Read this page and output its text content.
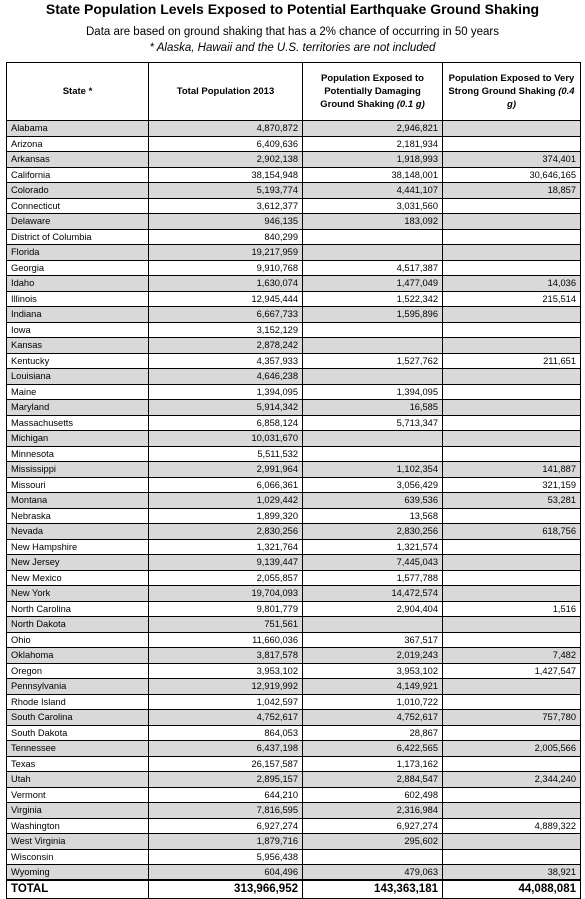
State Population Levels Exposed to Potential Earthquake Ground Shaking
Data are based on ground shaking that has a 2% chance of occurring in 50 years
* Alaska, Hawaii and the U.S. territories are not included
State *	Total Population 2013	Population Exposed to Potentially Damaging Ground Shaking (0.1 g)	Population Exposed to Very Strong Ground Shaking (0.4 g)
Alabama	4,870,872	2,946,821	
Arizona	6,409,636	2,181,934	
Arkansas	2,902,138	1,918,993	374,401
California	38,154,948	38,148,001	30,646,165
Colorado	5,193,774	4,441,107	18,857
Connecticut	3,612,377	3,031,560	
Delaware	946,135	183,092	
District of Columbia	840,299		
Florida	19,217,959		
Georgia	9,910,768	4,517,387	
Idaho	1,630,074	1,477,049	14,036
Illinois	12,945,444	1,522,342	215,514
Indiana	6,667,733	1,595,896	
Iowa	3,152,129		
Kansas	2,878,242		
Kentucky	4,357,933	1,527,762	211,651
Louisiana	4,646,238		
Maine	1,394,095	1,394,095	
Maryland	5,914,342	16,585	
Massachusetts	6,858,124	5,713,347	
Michigan	10,031,670		
Minnesota	5,511,532		
Mississippi	2,991,964	1,102,354	141,887
Missouri	6,066,361	3,056,429	321,159
Montana	1,029,442	639,536	53,281
Nebraska	1,899,320	13,568	
Nevada	2,830,256	2,830,256	618,756
New Hampshire	1,321,764	1,321,574	
New Jersey	9,139,447	7,445,043	
New Mexico	2,055,857	1,577,788	
New York	19,704,093	14,472,574	
North Carolina	9,801,779	2,904,404	1,516
North Dakota	751,561		
Ohio	11,660,036	367,517	
Oklahoma	3,817,578	2,019,243	7,482
Oregon	3,953,102	3,953,102	1,427,547
Pennsylvania	12,919,992	4,149,921	
Rhode Island	1,042,597	1,010,722	
South Carolina	4,752,617	4,752,617	757,780
South Dakota	864,053	28,867	
Tennessee	6,437,198	6,422,565	2,005,566
Texas	26,157,587	1,173,162	
Utah	2,895,157	2,884,547	2,344,240
Vermont	644,210	602,498	
Virginia	7,816,595	2,316,984	
Washington	6,927,274	6,927,274	4,889,322
West Virginia	1,879,716	295,602	
Wisconsin	5,956,438		
Wyoming	604,496	479,063	38,921
TOTAL	313,966,952	143,363,181	44,088,081
